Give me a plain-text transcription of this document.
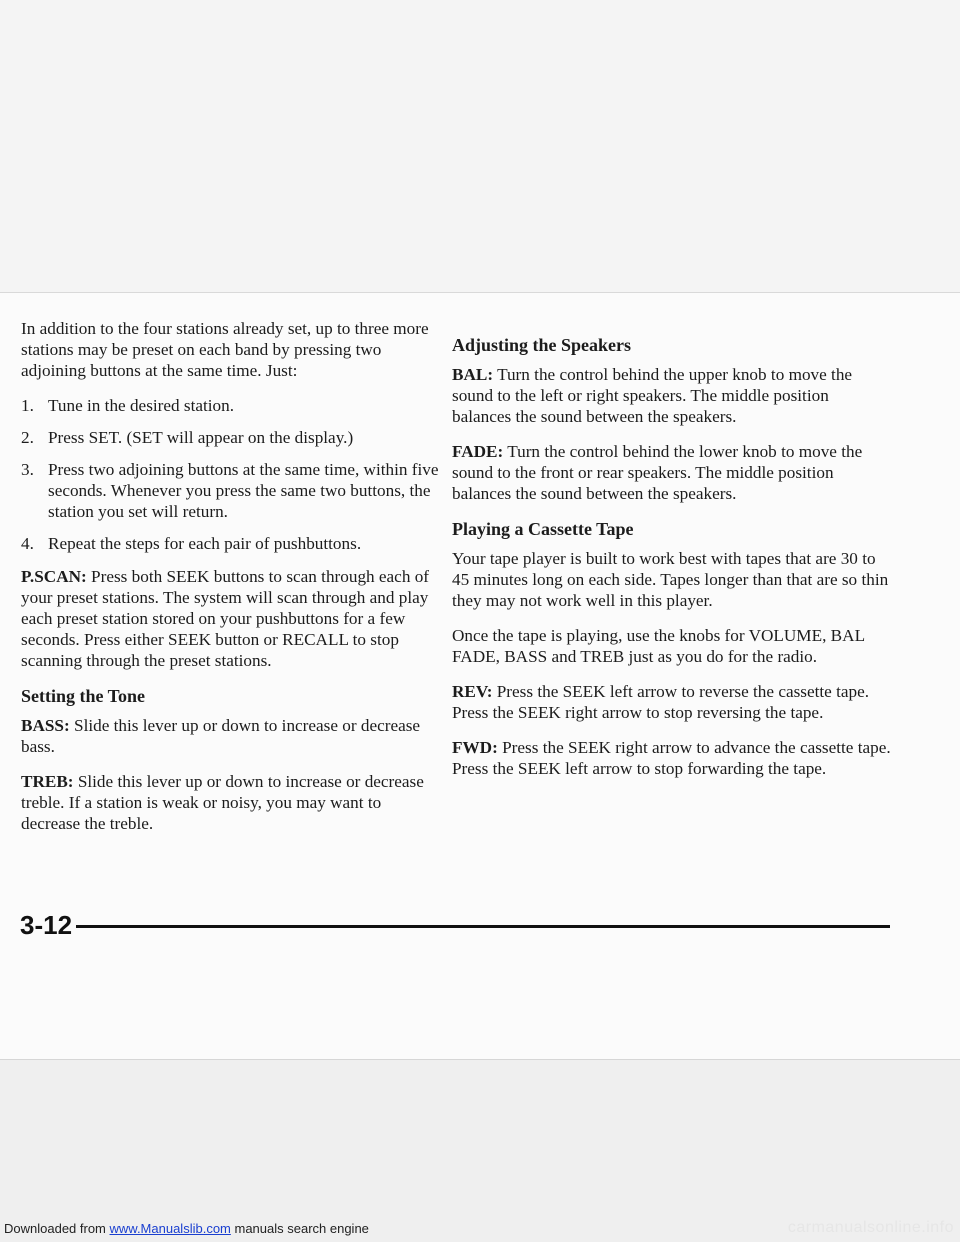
In addition to the four stations already set, up to three more stations may be preset on each band by pressing two adjoining buttons at the same time. Just:

1. Tune in the desired station.
2. Press SET. (SET will appear on the display.)
3. Press two adjoining buttons at the same time, within five seconds. Whenever you press the same two buttons, the station you set will return.
4. Repeat the steps for each pair of pushbuttons.

P.SCAN: Press both SEEK buttons to scan through each of your preset stations. The system will scan through and play each preset station stored on your pushbuttons for a few seconds. Press either SEEK button or RECALL to stop scanning through the preset stations.

Setting the Tone

BASS: Slide this lever up or down to increase or decrease bass.

TREB: Slide this lever up or down to increase or decrease treble. If a station is weak or noisy, you may want to decrease the treble.

Adjusting the Speakers

BAL: Turn the control behind the upper knob to move the sound to the left or right speakers. The middle position balances the sound between the speakers.

FADE: Turn the control behind the lower knob to move the sound to the front or rear speakers. The middle position balances the sound between the speakers.

Playing a Cassette Tape

Your tape player is built to work best with tapes that are 30 to 45 minutes long on each side. Tapes longer than that are so thin they may not work well in this player.

Once the tape is playing, use the knobs for VOLUME, BAL FADE, BASS and TREB just as you do for the radio.

REV: Press the SEEK left arrow to reverse the cassette tape. Press the SEEK right arrow to stop reversing the tape.

FWD: Press the SEEK right arrow to advance the cassette tape. Press the SEEK left arrow to stop forwarding the tape.

3-12
Downloaded from www.Manualslib.com manuals search engine	carmanualsonline.info
